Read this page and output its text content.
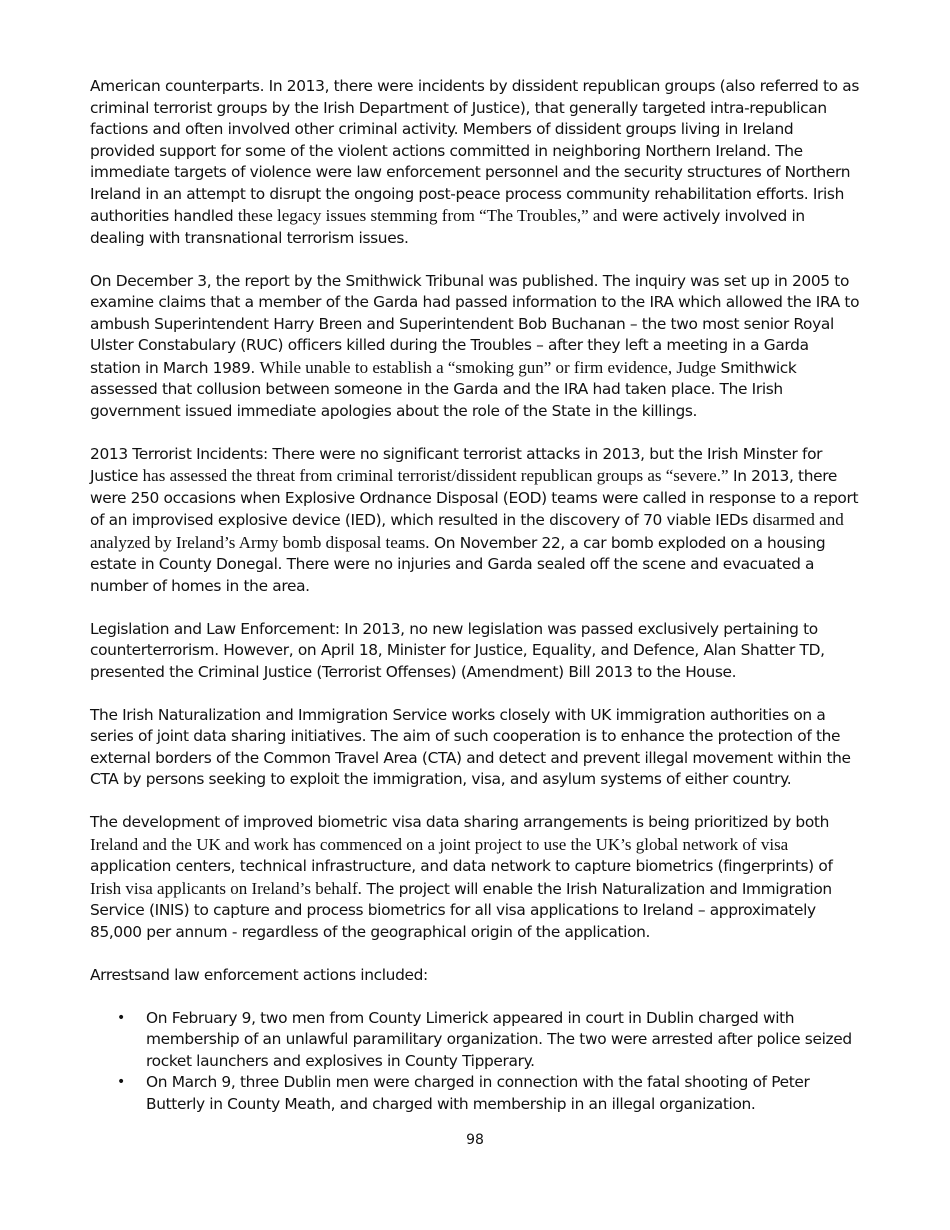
American counterparts. In 2013, there were incidents by dissident republican groups (also referred to as criminal terrorist groups by the Irish Department of Justice), that generally targeted intra-republican factions and often involved other criminal activity. Members of dissident groups living in Ireland provided support for some of the violent actions committed in neighboring Northern Ireland. The immediate targets of violence were law enforcement personnel and the security structures of Northern Ireland in an attempt to disrupt the ongoing post-peace process community rehabilitation efforts. Irish authorities handled these legacy issues stemming from “The Troubles,” and were actively involved in dealing with transnational terrorism issues.

On December 3, the report by the Smithwick Tribunal was published. The inquiry was set up in 2005 to examine claims that a member of the Garda had passed information to the IRA which allowed the IRA to ambush Superintendent Harry Breen and Superintendent Bob Buchanan – the two most senior Royal Ulster Constabulary (RUC) officers killed during the Troubles – after they left a meeting in a Garda station in March 1989. While unable to establish a “smoking gun” or firm evidence, Judge Smithwick assessed that collusion between someone in the Garda and the IRA had taken place. The Irish government issued immediate apologies about the role of the State in the killings.

2013 Terrorist Incidents: There were no significant terrorist attacks in 2013, but the Irish Minster for Justice has assessed the threat from criminal terrorist/dissident republican groups as “severe.” In 2013, there were 250 occasions when Explosive Ordnance Disposal (EOD) teams were called in response to a report of an improvised explosive device (IED), which resulted in the discovery of 70 viable IEDs disarmed and analyzed by Ireland’s Army bomb disposal teams. On November 22, a car bomb exploded on a housing estate in County Donegal. There were no injuries and Garda sealed off the scene and evacuated a number of homes in the area.

Legislation and Law Enforcement: In 2013, no new legislation was passed exclusively pertaining to counterterrorism. However, on April 18, Minister for Justice, Equality, and Defence, Alan Shatter TD, presented the Criminal Justice (Terrorist Offenses) (Amendment) Bill 2013 to the House.

The Irish Naturalization and Immigration Service works closely with UK immigration authorities on a series of joint data sharing initiatives. The aim of such cooperation is to enhance the protection of the external borders of the Common Travel Area (CTA) and detect and prevent illegal movement within the CTA by persons seeking to exploit the immigration, visa, and asylum systems of either country.

The development of improved biometric visa data sharing arrangements is being prioritized by both Ireland and the UK and work has commenced on a joint project to use the UK’s global network of visa application centers, technical infrastructure, and data network to capture biometrics (fingerprints) of Irish visa applicants on Ireland’s behalf. The project will enable the Irish Naturalization and Immigration Service (INIS) to capture and process biometrics for all visa applications to Ireland – approximately 85,000 per annum - regardless of the geographical origin of the application.

Arrestsand law enforcement actions included:

• On February 9, two men from County Limerick appeared in court in Dublin charged with membership of an unlawful paramilitary organization. The two were arrested after police seized rocket launchers and explosives in County Tipperary.
• On March 9, three Dublin men were charged in connection with the fatal shooting of Peter Butterly in County Meath, and charged with membership in an illegal organization.
98
